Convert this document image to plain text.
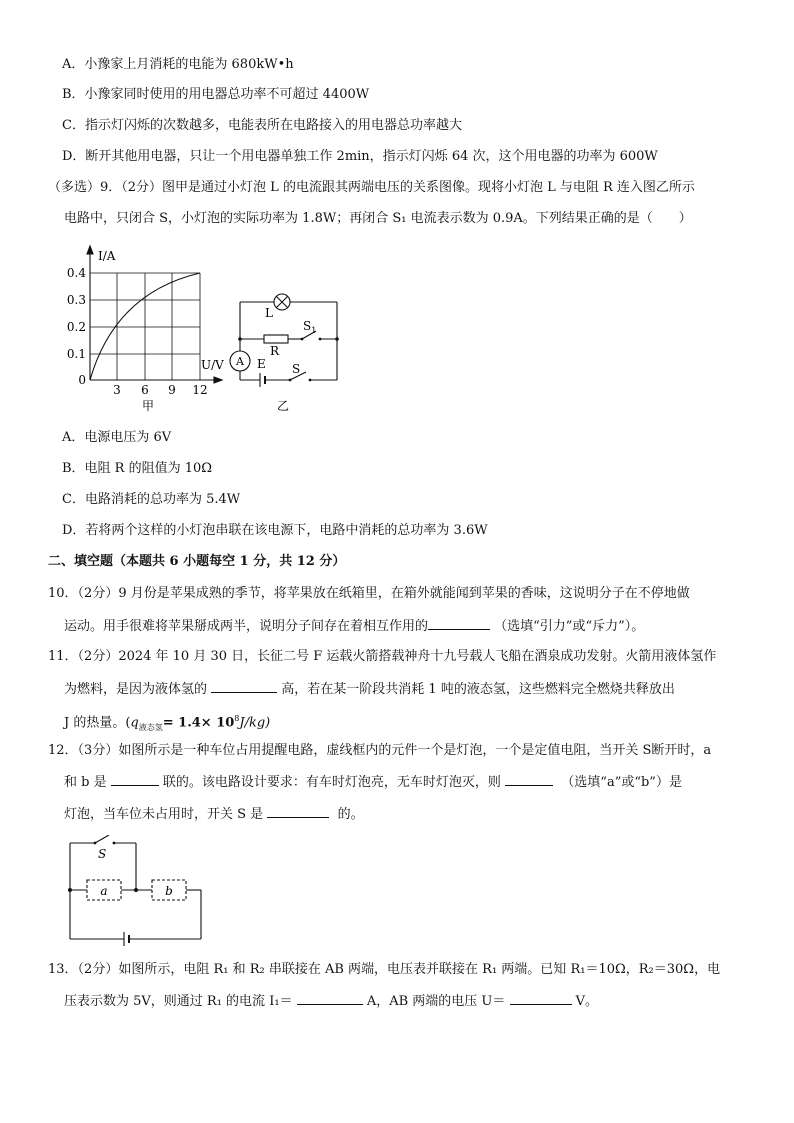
A．小豫家上月消耗的电能为 680kW•h
B．小豫家同时使用的用电器总功率不可超过 4400W
C．指示灯闪烁的次数越多，电能表所在电路接入的用电器总功率越大
D．断开其他用电器，只让一个用电器单独工作 2min，指示灯闪烁 64 次，这个用电器的功率为 600W
（多选）9．（2分）图甲是通过小灯泡 L 的电流跟其两端电压的关系图像。现将小灯泡 L 与电阻 R 连入图乙所示
电路中，只闭合 S，小灯泡的实际功率为 1.8W；再闭合 S₁ 电流表示数为 0.9A。下列结果正确的是（　　）
I/A
U/V
0.4
0.3
0.2
0.1
0
3 6 9 12
甲
L
R
$S_1$
A E S
乙
A．电源电压为 6V
B．电阻 R 的阻值为 10Ω
C．电路消耗的总功率为 5.4W
D．若将两个这样的小灯泡串联在该电源下，电路中消耗的总功率为 3.6W
二、填空题（本题共 6 小题每空 1 分，共 12 分）
10．（2分）9 月份是苹果成熟的季节，将苹果放在纸箱里，在箱外就能闻到苹果的香味，这说明分子在不停地做
运动。用手很难将苹果掰成两半，说明分子间存在着相互作用的	（选填“引力”或“斥力”）。
11．（2分）2024 年 10 月 30 日，长征二号 F 运载火箭搭载神舟十九号载人飞船在酒泉成功发射。火箭用液体氢作
为燃料，是因为液体氢的	高，若在某一阶段共消耗 1 吨的液态氢，这些燃料完全燃烧共释放出
J 的热量。$(q_{液态氢}= 1.4\times 10^8J/kg)$
12．（3分）如图所示是一种车位占用提醒电路，虚线框内的元件一个是灯泡，一个是定值电阻，当开关 S断开时，a
和 b 是	联的。该电路设计要求：有车时灯泡亮，无车时灯泡灭，则	（选填“a”或“b”）是
灯泡，当车位未占用时，开关 S 是	的。
S
a	b
13．（2分）如图所示，电阻 R₁ 和 R₂ 串联接在 AB 两端，电压表并联接在 R₁ 两端。已知 R₁＝10Ω，R₂＝30Ω，电
压表示数为 5V，则通过 R₁ 的电流 I₁＝	A，AB 两端的电压 U＝	V。
